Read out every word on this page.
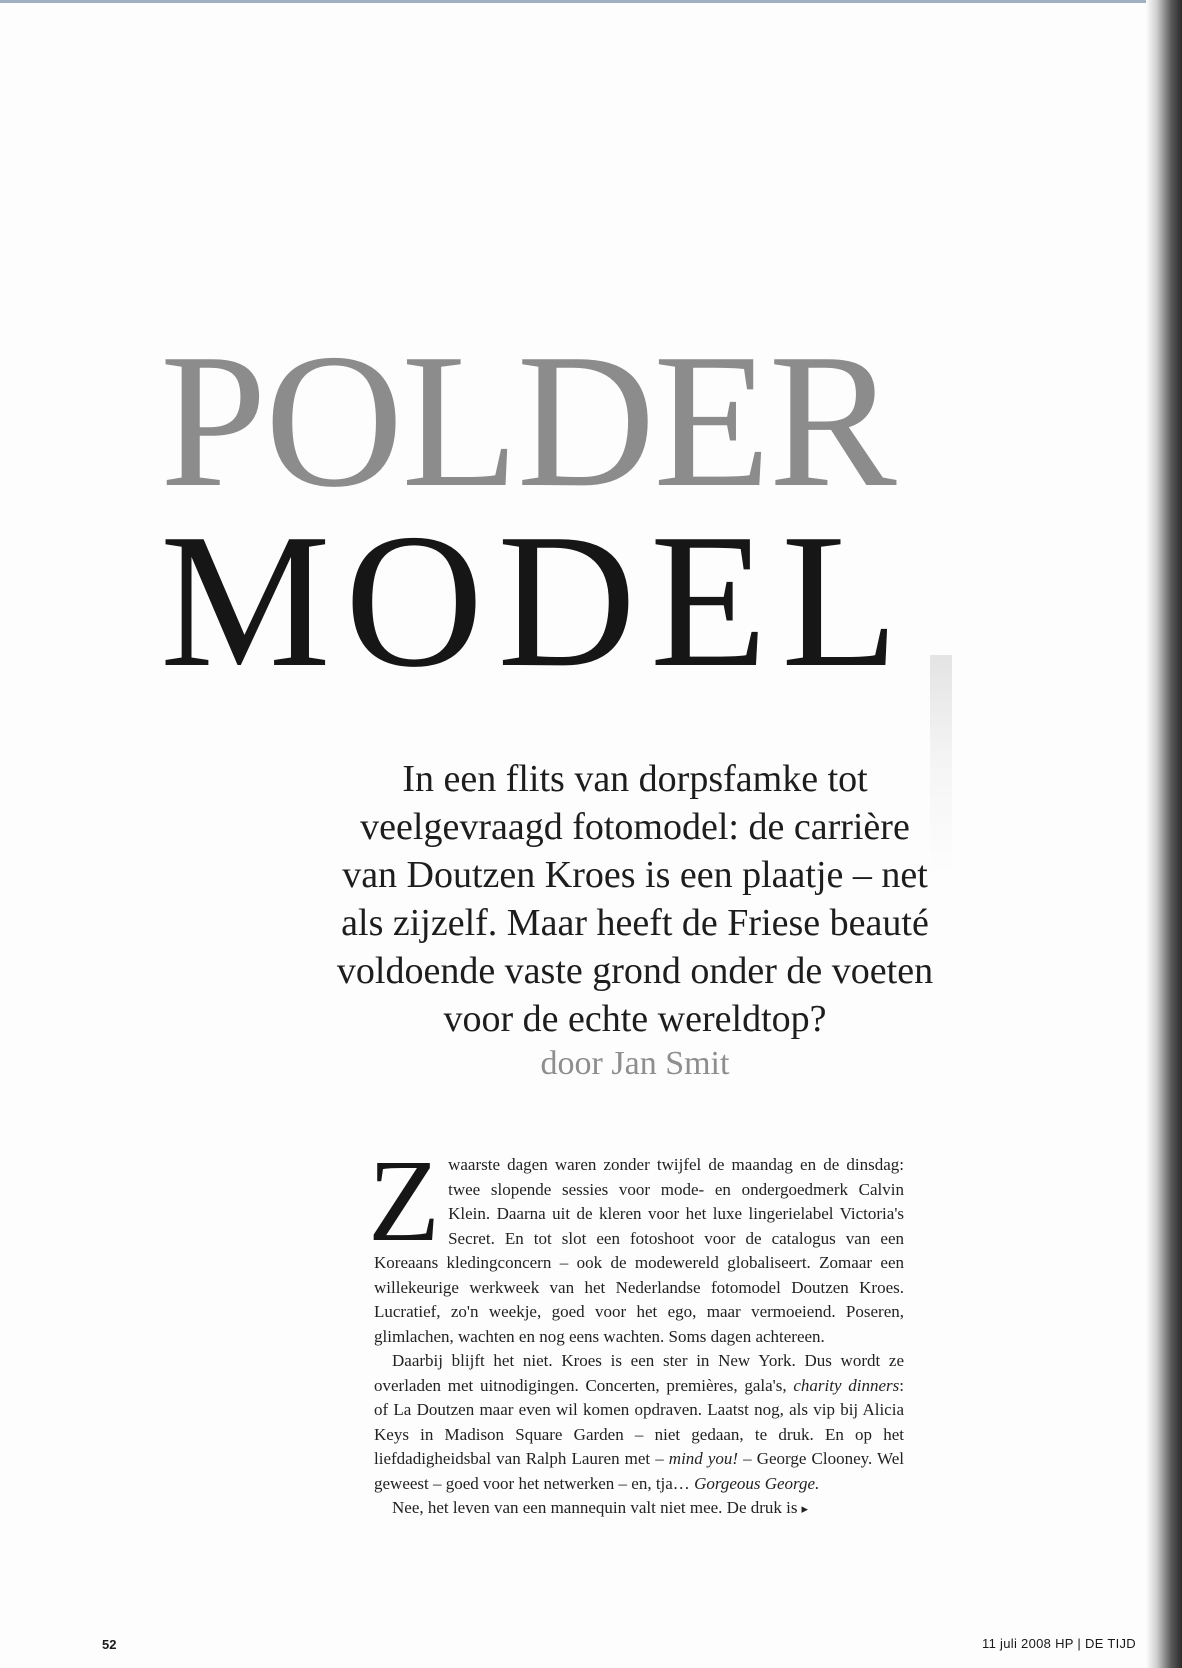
POLDER
MODEL
In een flits van dorpsfamke tot
veelgevraagd fotomodel: de carrière
van Doutzen Kroes is een plaatje – net
als zijzelf. Maar heeft de Friese beauté
voldoende vaste grond onder de voeten
voor de echte wereldtop?
door Jan Smit

Zwaarste dagen waren zonder twijfel de maandag en de dinsdag: twee slopende sessies voor mode- en ondergoedmerk Calvin Klein. Daarna uit de kleren voor het luxe lingerielabel Victoria's Secret. En tot slot een fotoshoot voor de catalogus van een Koreaans kledingconcern – ook de modewereld globaliseert. Zomaar een willekeurige werkweek van het Nederlandse fotomodel Doutzen Kroes. Lucratief, zo'n weekje, goed voor het ego, maar vermoeiend. Poseren, glimlachen, wachten en nog eens wachten. Soms dagen achtereen.

Daarbij blijft het niet. Kroes is een ster in New York. Dus wordt ze overladen met uitnodigingen. Concerten, premières, gala's, charity dinners: of La Doutzen maar even wil komen opdraven. Laatst nog, als vip bij Alicia Keys in Madison Square Garden – niet gedaan, te druk. En op het liefdadigheidsbal van Ralph Lauren met – mind you! – George Clooney. Wel geweest – goed voor het netwerken – en, tja… Gorgeous George.

Nee, het leven van een mannequin valt niet mee. De druk is ▸

52	11 juli 2008 HP | DE TIJD
